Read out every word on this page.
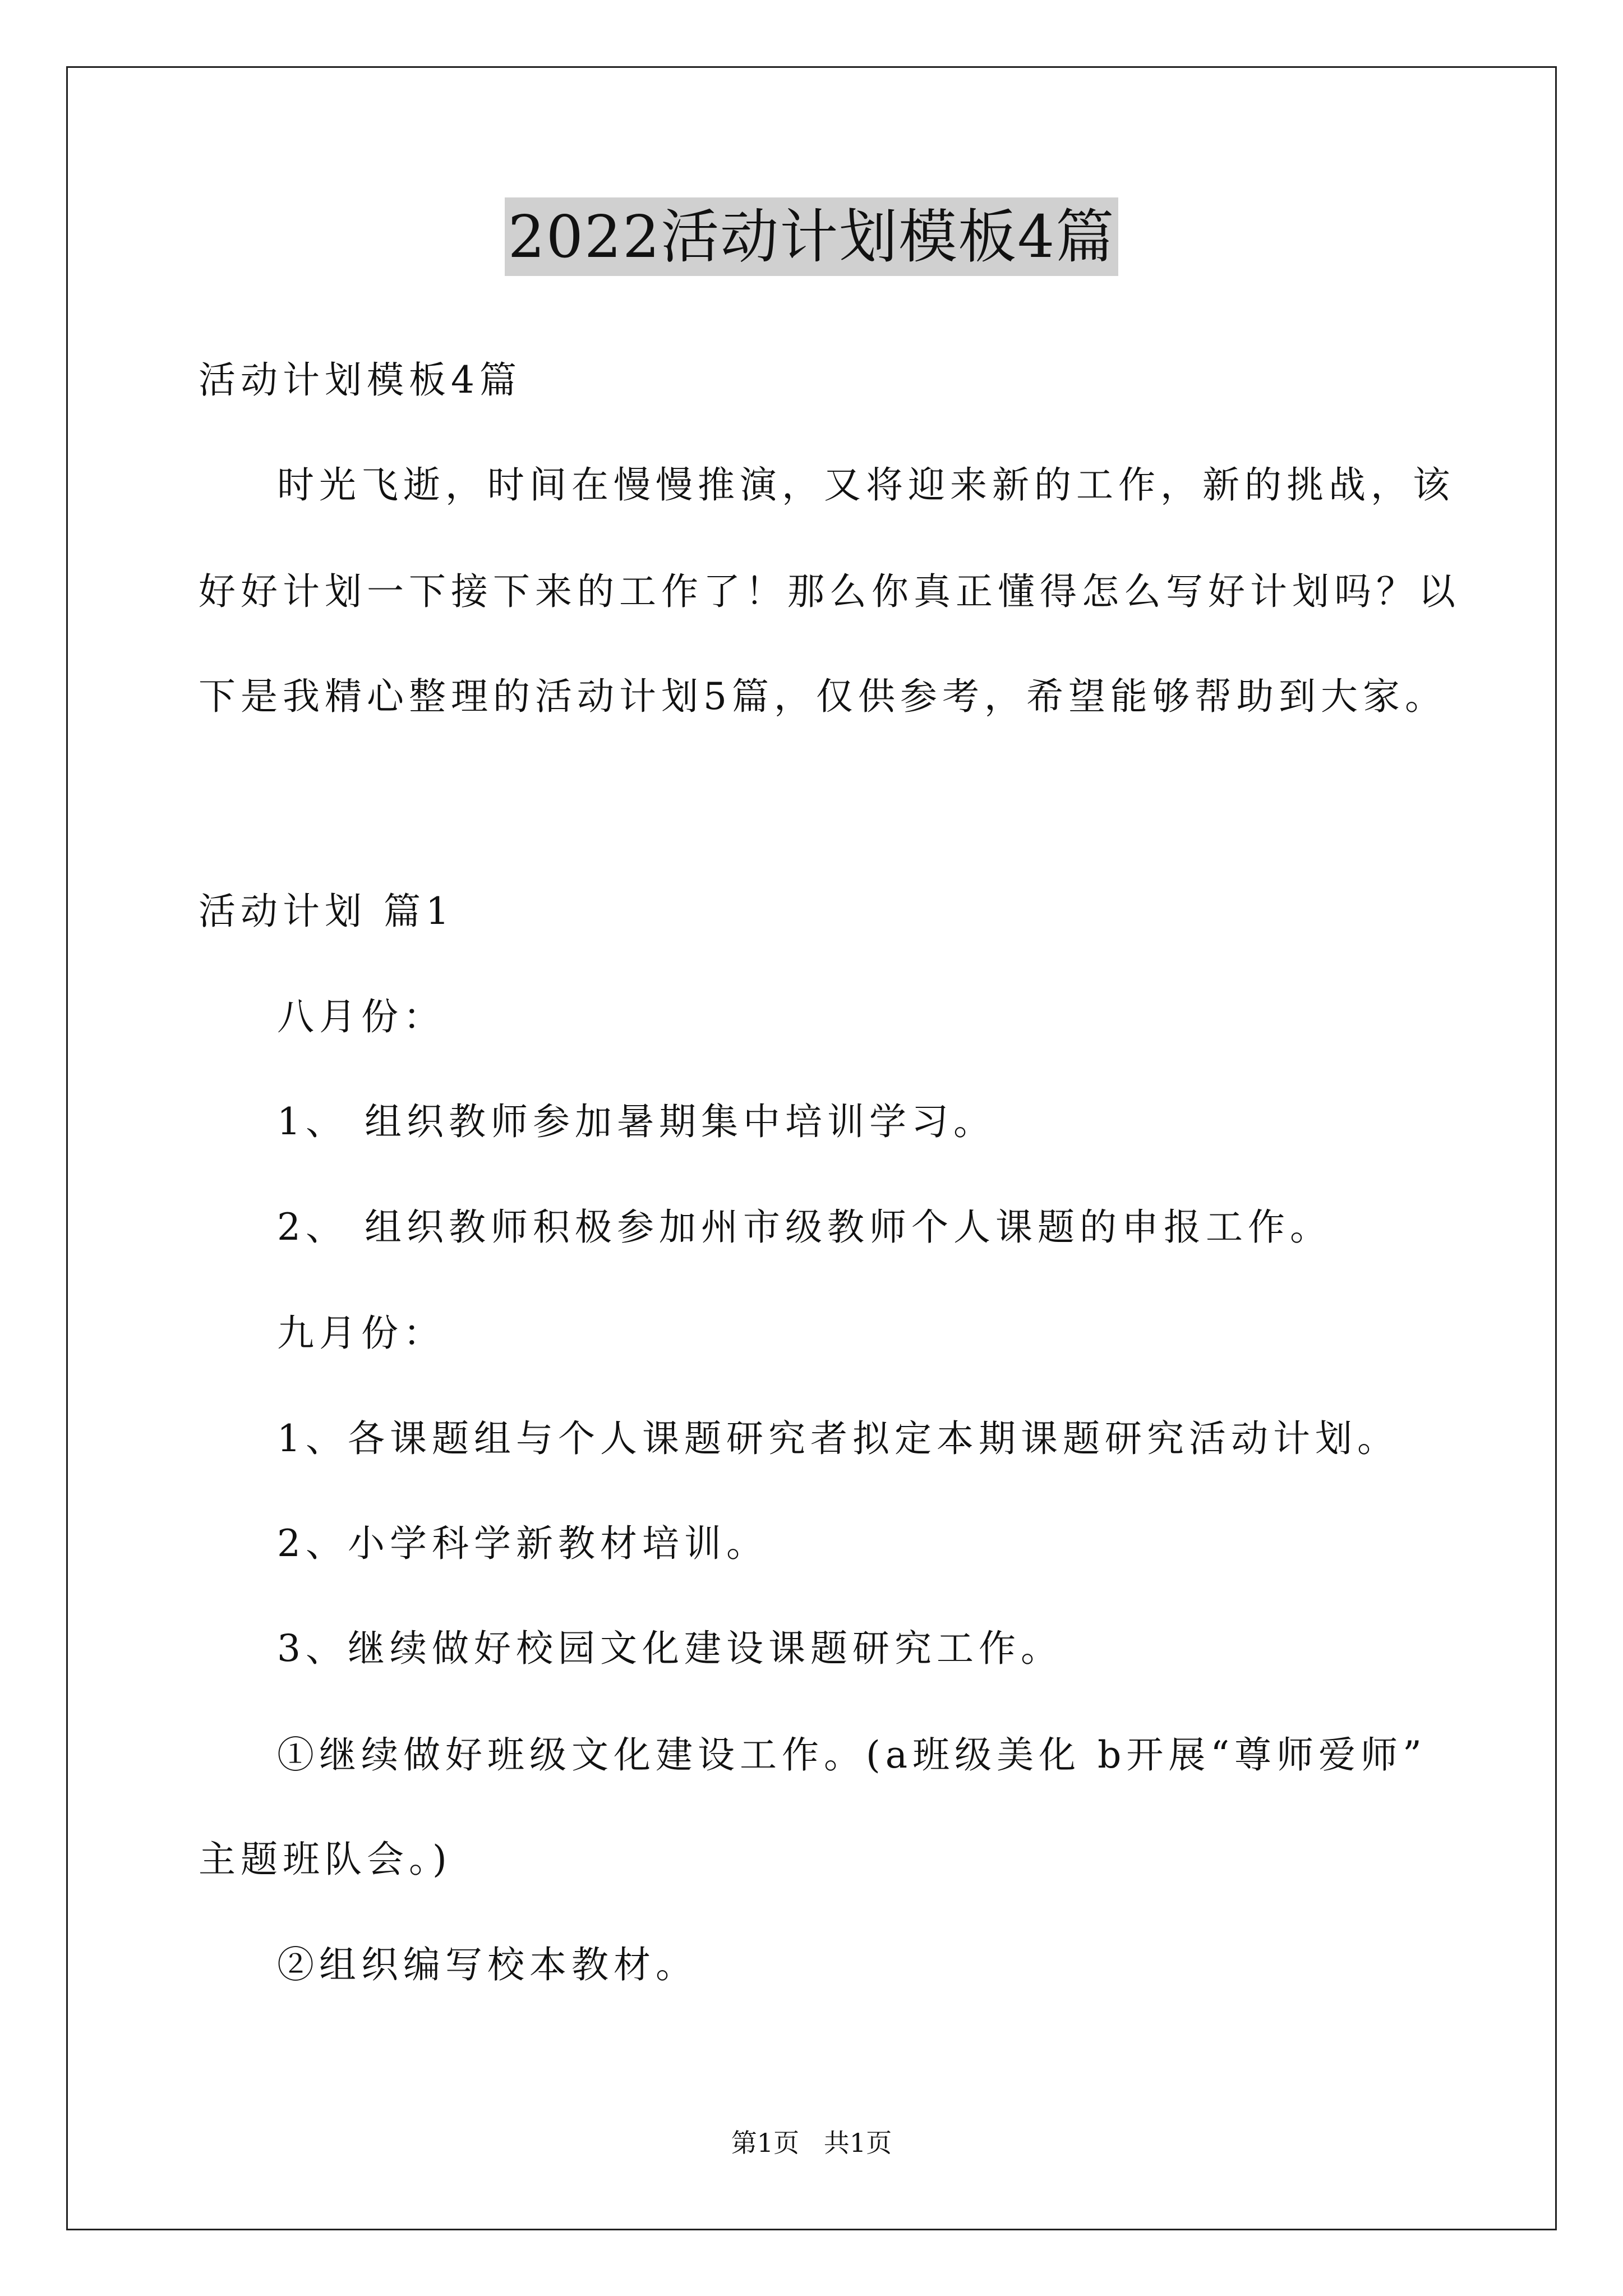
2022活动计划模板4篇
活动计划模板4篇
时光飞逝，时间在慢慢推演，又将迎来新的工作，新的挑战，该
好好计划一下接下来的工作了！那么你真正懂得怎么写好计划吗？以
下是我精心整理的活动计划5篇，仅供参考，希望能够帮助到大家。
活动计划 篇1
八月份：
1、 组织教师参加暑期集中培训学习。
2、 组织教师积极参加州市级教师个人课题的申报工作。
九月份：
1、各课题组与个人课题研究者拟定本期课题研究活动计划。
2、小学科学新教材培训。
3、继续做好校园文化建设课题研究工作。
①继续做好班级文化建设工作。(a班级美化 b开展“尊师爱师”
主题班队会。)
②组织编写校本教材。
第1页   共1页
